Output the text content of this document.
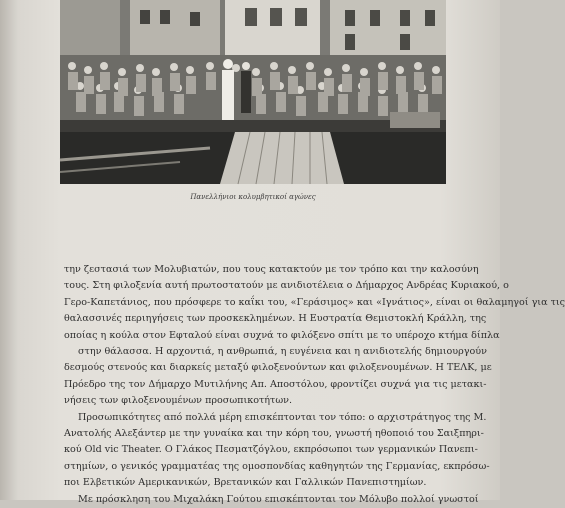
Πανελλήνιοι κολυμβητικοί αγώνες
την ζεστασιά των Μολυβιατών, που τους κατακτούν με τον τρόπο και την καλοσύνη
τους. Στη φιλοξενία αυτή πρωτοστατούν με ανιδιοτέλεια ο Δήμαρχος Ανδρέας Κυριακού, ο
Γερο-Καπετάνιος, που πρόσφερε το καΐκι του, «Γεράσιμος» και «Ιγνάτιος», είναι οι θαλαμηγοί για τις
θαλασσινές περιηγήσεις των προσκεκλημένων. Η Ευστρατία Θεμιστοκλή Κράλλη, της
οποίας η κούλα στον Εφταλού είναι συχνά το φιλόξενο σπίτι με το υπέροχο κτήμα δίπλα
στην θάλασσα. Η αρχοντιά, η ανθρωπιά, η ευγένεια και η ανιδιοτελής δημιουργούν
δεσμούς στενούς και διαρκείς μεταξύ φιλοξενούντων και φιλοξενουμένων. Η ΤΕΛΚ, με
Πρόεδρο της τον Δήμαρχο Μυτιλήνης Απ. Αποστόλου, φροντίζει συχνά για τις μετακι-
νήσεις των φιλοξενουμένων προσωπικοτήτων.
Προσωπικότητες από πολλά μέρη επισκέπτονται τον τόπο: ο αρχιστράτηγος της Μ.
Ανατολής Αλεξάντερ με την γυναίκα και την κόρη του, γνωστή ηθοποιό του Σαιξπηρι-
κού Old vic Theater. Ο Γλάκος Πεσματζόγλου, εκπρόσωποι των γερμανικών Πανεπι-
στημίων, ο γενικός γραμματέας της ομοσπονδίας καθηγητών της Γερμανίας, εκπρόσω-
ποι Ελβετικών Αμερικανικών, Βρετανικών και Γαλλικών Πανεπιστημίων.
Με πρόσκληση του Μιχαλάκη Γούτου επισκέπτονται τον Μόλυβο πολλοί γνωστοί
